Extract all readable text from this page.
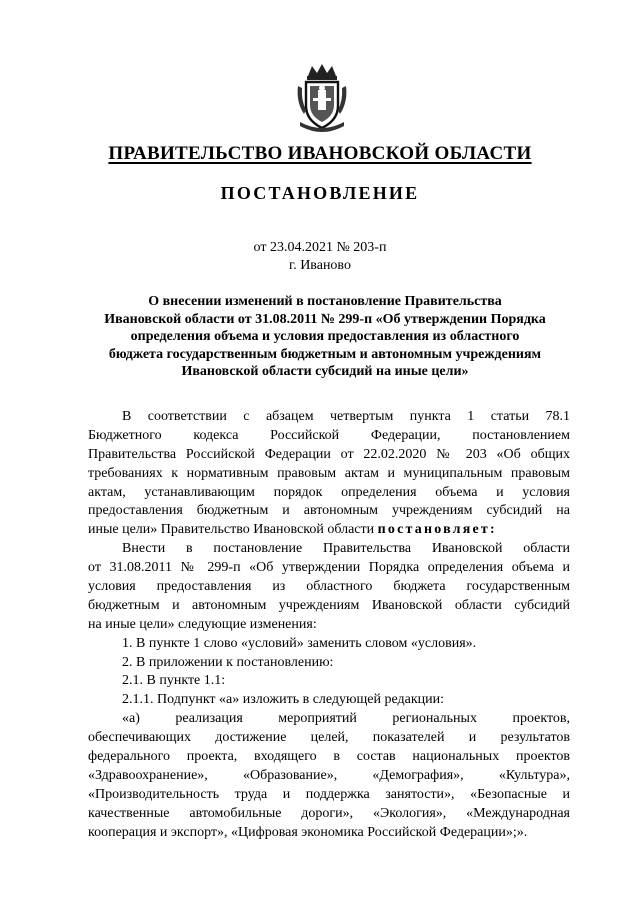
ПРАВИТЕЛЬСТВО ИВАНОВСКОЙ ОБЛАСТИ
ПОСТАНОВЛЕНИЕ
от 23.04.2021 № 203-п
г. Иваново
О внесении изменений в постановление Правительства
Ивановской области от 31.08.2011 № 299-п «Об утверждении Порядка
определения объема и условия предоставления из областного
бюджета государственным бюджетным и автономным учреждениям
Ивановской области субсидий на иные цели»
В соответствии с абзацем четвертым пункта 1 статьи 78.1
Бюджетного кодекса Российской Федерации, постановлением
Правительства Российской Федерации от 22.02.2020 № 203 «Об общих
требованиях к нормативным правовым актам и муниципальным правовым
актам, устанавливающим порядок определения объема и условия
предоставления бюджетным и автономным учреждениям субсидий на
иные цели» Правительство Ивановской области постановляет:
Внести в постановление Правительства Ивановской области
от 31.08.2011 № 299-п «Об утверждении Порядка определения объема и
условия предоставления из областного бюджета государственным
бюджетным и автономным учреждениям Ивановской области субсидий
на иные цели» следующие изменения:
1. В пункте 1 слово «условий» заменить словом «условия».
2. В приложении к постановлению:
2.1. В пункте 1.1:
2.1.1. Подпункт «а» изложить в следующей редакции:
«а) реализация мероприятий региональных проектов,
обеспечивающих достижение целей, показателей и результатов
федерального проекта, входящего в состав национальных проектов
«Здравоохранение», «Образование», «Демография», «Культура»,
«Производительность труда и поддержка занятости», «Безопасные и
качественные автомобильные дороги», «Экология», «Международная
кооперация и экспорт», «Цифровая экономика Российской Федерации»;».
